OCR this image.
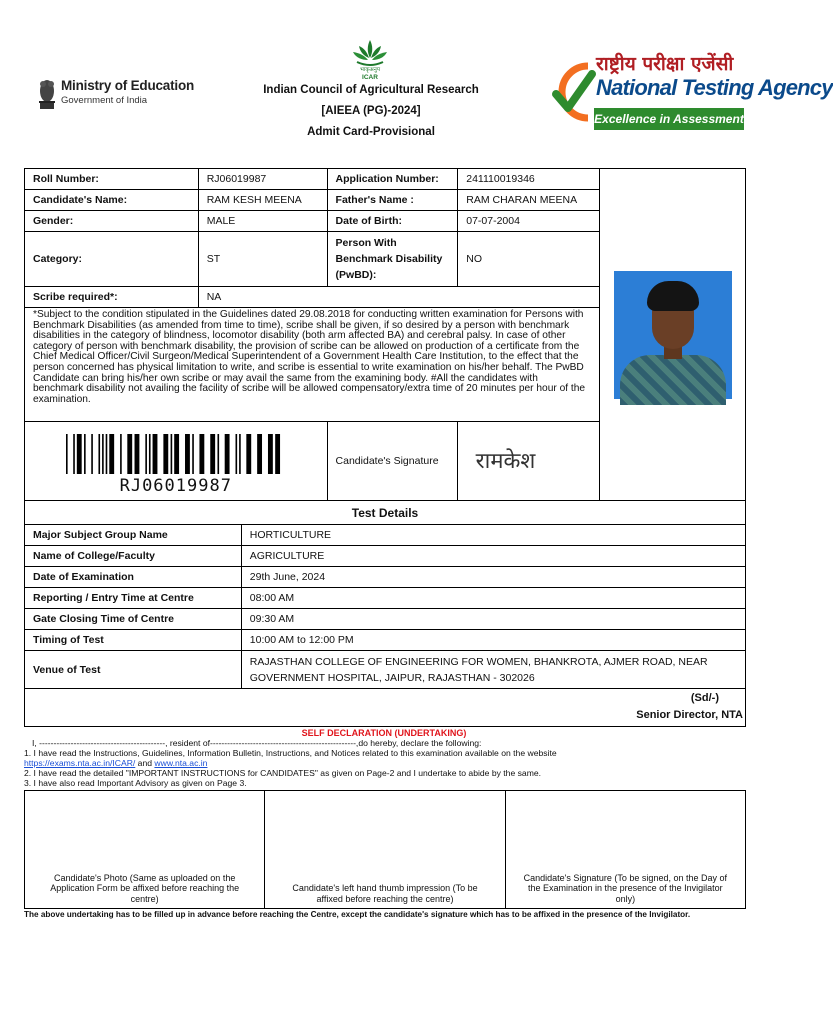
Ministry of Education
Government of India
भाकृअनुप
ICAR
Indian Council of Agricultural Research
[AIEEA (PG)-2024]
Admit Card-Provisional
राष्ट्रीय परीक्षा एजेंसी
National Testing Agency
Excellence in Assessment
Roll Number:	RJ06019987	Application Number:	241110019346	

Candidate's Name:	RAM KESH MEENA	Father's Name :	RAM CHARAN MEENA	
Gender:	MALE	Date of Birth:	07-07-2004	
Category:	ST	Person With Benchmark Disability (PwBD):	NO	
Scribe required*:	NA			
*Subject to the condition stipulated in the Guidelines dated 29.08.2018 for conducting written examination for Persons with Benchmark Disabilities (as amended from time to time), scribe shall be given, if so desired by a person with benchmark disabilities in the category of blindness, locomotor disability (both arm affected BA) and cerebral palsy. In case of other category of person with benchmark disability, the provision of scribe can be allowed on production of a certificate from the Chief Medical Officer/Civil Surgeon/Medical Superintendent of a Government Health Care Institution, to the effect that the person concerned has physical limitation to write, and scribe is essential to write examination on his/her behalf. The PwBD Candidate can bring his/her own scribe or may avail the same from the examining body. #All the candidates with benchmark disability not availing the facility of scribe will be allowed compensatory/extra time of 20 minutes per hour of the examination.				

RJ06019987		Candidate's Signature	रामकेश	
Test Details	
Major Subject Group Name	HORTICULTURE
Name of College/Faculty	AGRICULTURE
Date of Examination	29th June, 2024
Reporting / Entry Time at Centre	08:00 AM
Gate Closing Time of Centre	09:30 AM
Timing of Test	10:00 AM to 12:00 PM
Venue of Test	RAJASTHAN COLLEGE OF ENGINEERING FOR WOMEN, BHANKROTA, AJMER ROAD, NEAR GOVERNMENT HOSPITAL, JAIPUR, RAJASTHAN - 302026
(Sd/-)
Senior Director, NTA
SELF DECLARATION (UNDERTAKING)
I, --------------------------------------------, resident of---------------------------------------------------,do hereby, declare the following:
1. I have read the Instructions, Guidelines, Information Bulletin, Instructions, and Notices related to this examination available on the website
https://exams.nta.ac.in/ICAR/ and www.nta.ac.in
2. I have read the detailed "IMPORTANT INSTRUCTIONS for CANDIDATES" as given on Page-2 and I undertake to abide by the same.
3. I have also read Important Advisory as given on Page 3.
Candidate's Photo (Same as uploaded on the Application Form be affixed before reaching the centre)	Candidate's left hand thumb impression (To be affixed before reaching the centre)	Candidate's Signature (To be signed, on the Day of the Examination in the presence of the Invigilator only)
The above undertaking has to be filled up in advance before reaching the Centre, except the candidate's signature which has to be affixed in the presence of the Invigilator.
